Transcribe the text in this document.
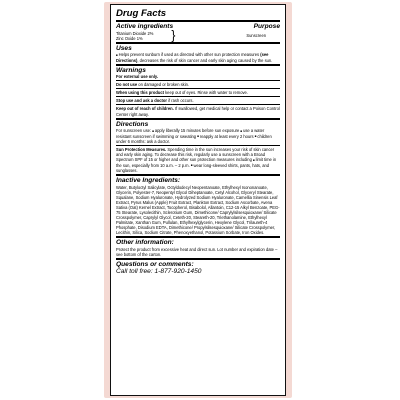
Drug Facts
Active ingredients	Purpose
Titanium Dioxide 2%
Zinc Oxide 1%	}	Sunscreen
Uses
■ Helps prevent sunburn if used as directed with other sun protection measures (see Directions), decreases the risk of skin cancer and early skin aging caused by the sun.
Warnings
For external use only.
Do not use on damaged or broken skin.
When using this product keep out of eyes. Rinse with water to remove.
Stop use and ask a doctor if rash occurs.
Keep out of reach of children. If swallowed, get medical help or contact a Poison Control Center right away.
Directions
For sunscreen use: ■ apply liberally 15 minutes before sun exposure ■ use a water resistant sunscreen if swimming or sweating ■ reapply at least every 2 hours ■ children under 6 months: ask a doctor.
Sun Protection Measures. Spending time in the sun increases your risk of skin cancer and early skin aging. To decrease this risk, regularly use a sunscreen with a Broad Spectrum SPF of 15 or higher and other sun protection measures including ■ limit time in the sun, especially from 10 a.m. – 2 p.m. ■ wear long-sleeved shirts, pants, hats, and sunglasses.
Inactive Ingredients:
Water, Butyloctyl Salicylate, Octyldodecyl Neopentanoate, Ethylhexyl Isononanoate, Glycerin, Polyester-7, Neopentyl Glycol Diheptanoate, Cetyl Alcohol, Glyceryl Stearate, Squalane, Sodium Hyaluronate, Hydrolyzed Sodium Hyaluronate, Camellia Sinensis Leaf Extract, Pyrus Malus (Apple) Fruit Extract, Plankton Extract, Sodium Ascorbate, Avena Sativa (Oat) Kernel Extract, Tocopherol, Bisabolol, Allantoin, C12-15 Alkyl Benzoate, PEG-75 Stearate, Lysolecithin, Sclerotium Gum, Dimethicone/ Caprylylsilsesquioxane/ Silicate Crosspolymer, Caprylyl Glycol, Ceteth-20, Steareth-20, Triethanolamine, Ethylhexyl Palmitate, Xanthan Gum, Pullulan, Ethylhexylglycerin, Hexylene Glycol, Trilaureth-4 Phosphate, Disodium EDTA, Dimethicone/ Propylsilsesquioxane/ Silicate Crosspolymer, Lecithin, Silica, Sodium Citrate, Phenoxyethanol, Potassium Sorbate, Iron Oxides.
Other information:
Protect the product from excessive heat and direct sun. Lot number and expiration date – see bottom of the carton.
Questions or comments:
Call toll free: 1-877-920-1450
